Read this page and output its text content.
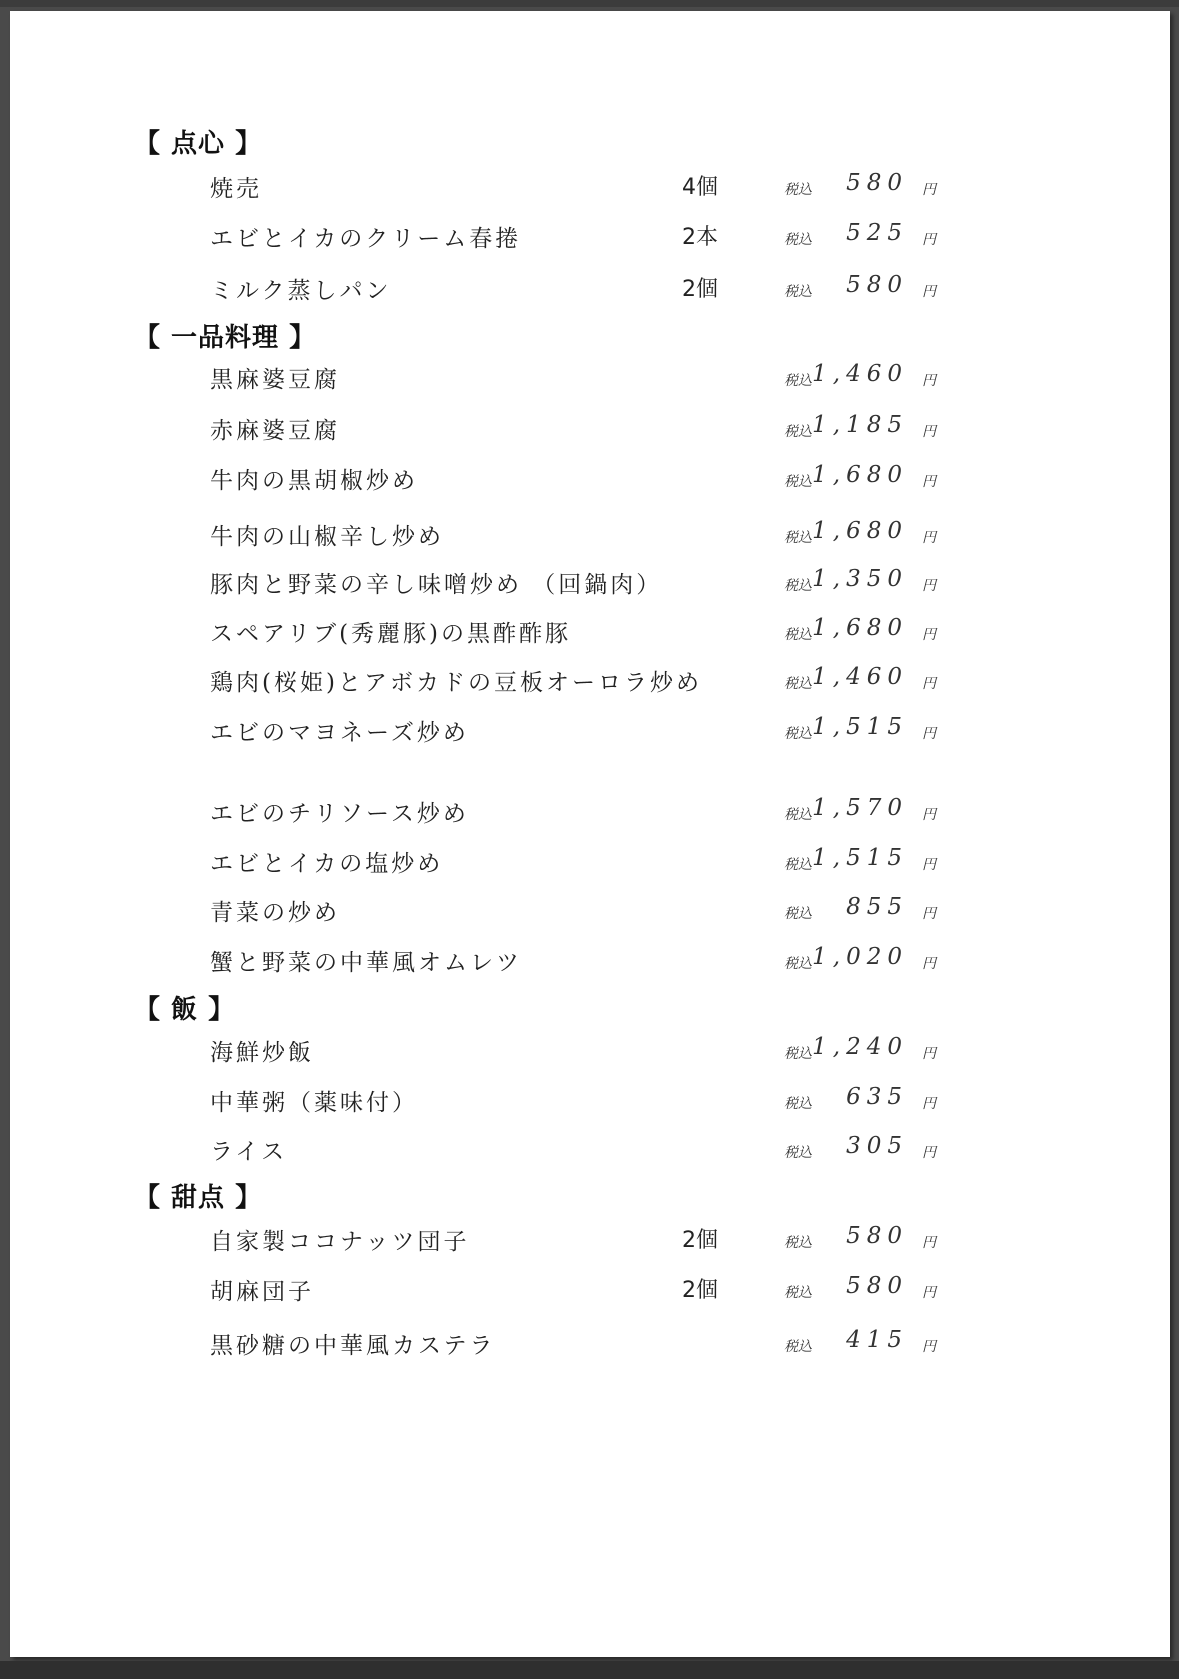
【 点心 】
焼売	4個	税込 580 円
エビとイカのクリーム春捲	2本	税込 525 円
ミルク蒸しパン	2個	税込 580 円
【 一品料理 】
黒麻婆豆腐	税込 1,460 円
赤麻婆豆腐	税込 1,185 円
牛肉の黒胡椒炒め	税込 1,680 円
牛肉の山椒辛し炒め	税込 1,680 円
豚肉と野菜の辛し味噌炒め （回鍋肉）	税込 1,350 円
スペアリブ(秀麗豚)の黒酢酢豚	税込 1,680 円
鶏肉(桜姫)とアボカドの豆板オーロラ炒め	税込 1,460 円
エビのマヨネーズ炒め	税込 1,515 円
エビのチリソース炒め	税込 1,570 円
エビとイカの塩炒め	税込 1,515 円
青菜の炒め	税込 855 円
蟹と野菜の中華風オムレツ	税込 1,020 円
【 飯 】
海鮮炒飯	税込 1,240 円
中華粥（薬味付）	税込 635 円
ライス	税込 305 円
【 甜点 】
自家製ココナッツ団子	2個	税込 580 円
胡麻団子	2個	税込 580 円
黒砂糖の中華風カステラ	税込 415 円
